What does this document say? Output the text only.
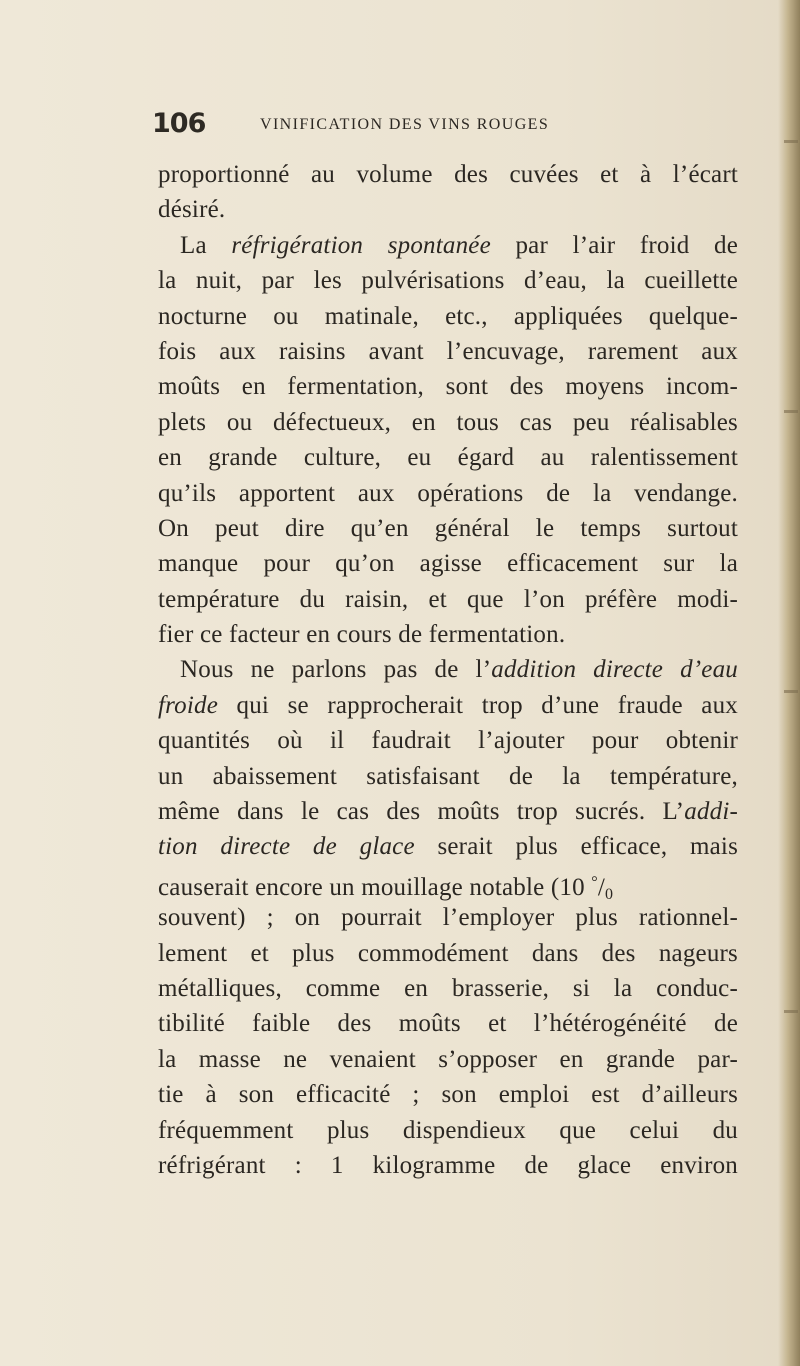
106	VINIFICATION DES VINS ROUGES
proportionné au volume des cuvées et à l’écart
désiré.
La réfrigération spontanée par l’air froid de
la nuit, par les pulvérisations d’eau, la cueillette
nocturne ou matinale, etc., appliquées quelque-
fois aux raisins avant l’encuvage, rarement aux
moûts en fermentation, sont des moyens incom-
plets ou défectueux, en tous cas peu réalisables
en grande culture, eu égard au ralentissement
qu’ils apportent aux opérations de la vendange.
On peut dire qu’en général le temps surtout
manque pour qu’on agisse efficacement sur la
température du raisin, et que l’on préfère modi-
fier ce facteur en cours de fermentation.
Nous ne parlons pas de l’addition directe d’eau
froide qui se rapprocherait trop d’une fraude aux
quantités où il faudrait l’ajouter pour obtenir
un abaissement satisfaisant de la température,
même dans le cas des moûts trop sucrés. L’addi-
tion directe de glace serait plus efficace, mais
causerait encore un mouillage notable (10 °/0
souvent) ; on pourrait l’employer plus rationnel-
lement et plus commodément dans des nageurs
métalliques, comme en brasserie, si la conduc-
tibilité faible des moûts et l’hétérogénéité de
la masse ne venaient s’opposer en grande par-
tie à son efficacité ; son emploi est d’ailleurs
fréquemment plus dispendieux que celui du
réfrigérant : 1 kilogramme de glace environ
